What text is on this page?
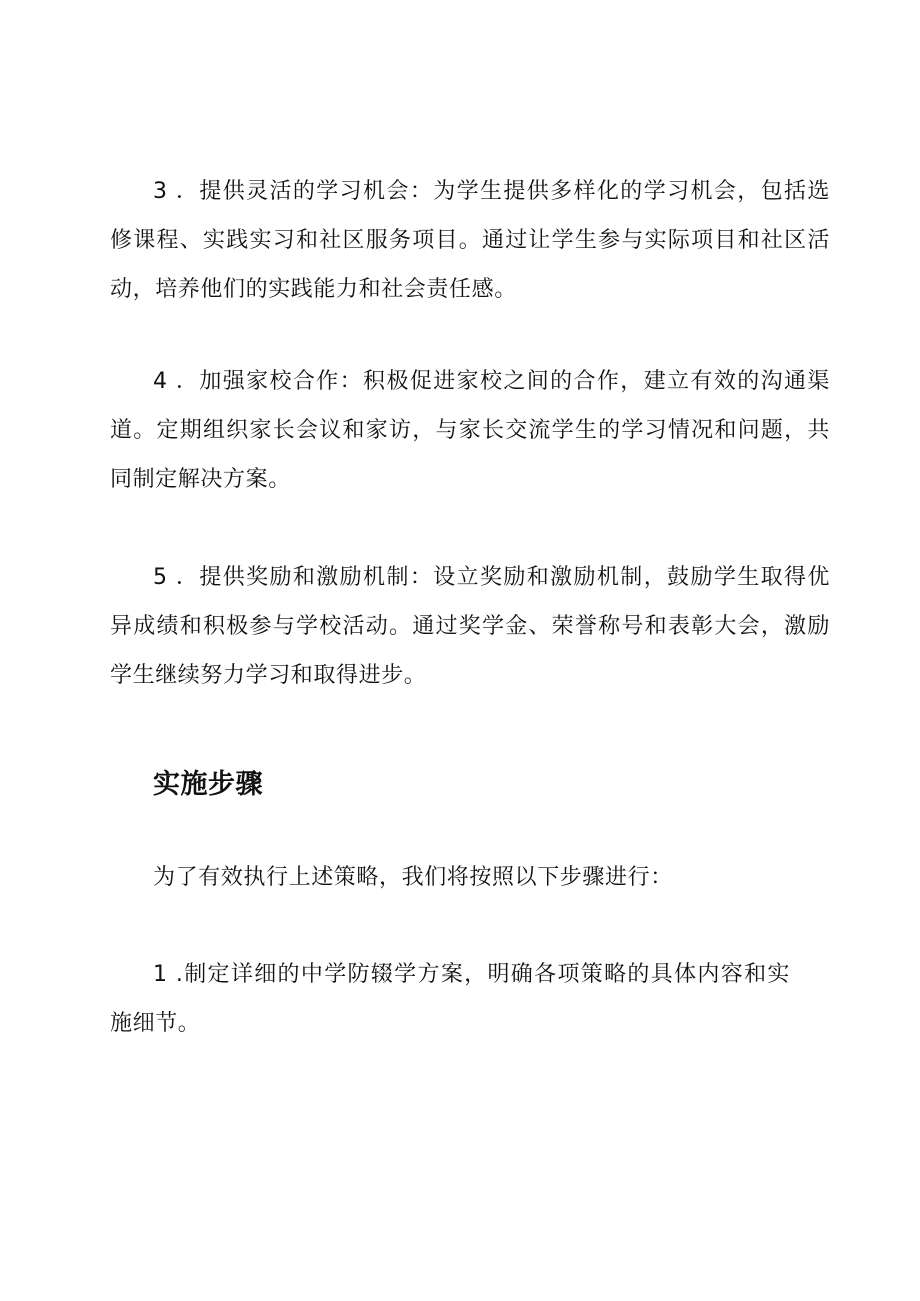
3 ．提供灵活的学习机会：为学生提供多样化的学习机会，包括选修课程、实践实习和社区服务项目。通过让学生参与实际项目和社区活动，培养他们的实践能力和社会责任感。

4 ．加强家校合作：积极促进家校之间的合作，建立有效的沟通渠道。定期组织家长会议和家访，与家长交流学生的学习情况和问题，共同制定解决方案。

5 ．提供奖励和激励机制：设立奖励和激励机制，鼓励学生取得优异成绩和积极参与学校活动。通过奖学金、荣誉称号和表彰大会，激励学生继续努力学习和取得进步。

实施步骤

为了有效执行上述策略，我们将按照以下步骤进行：

1 .制定详细的中学防辍学方案，明确各项策略的具体内容和实施细节。
